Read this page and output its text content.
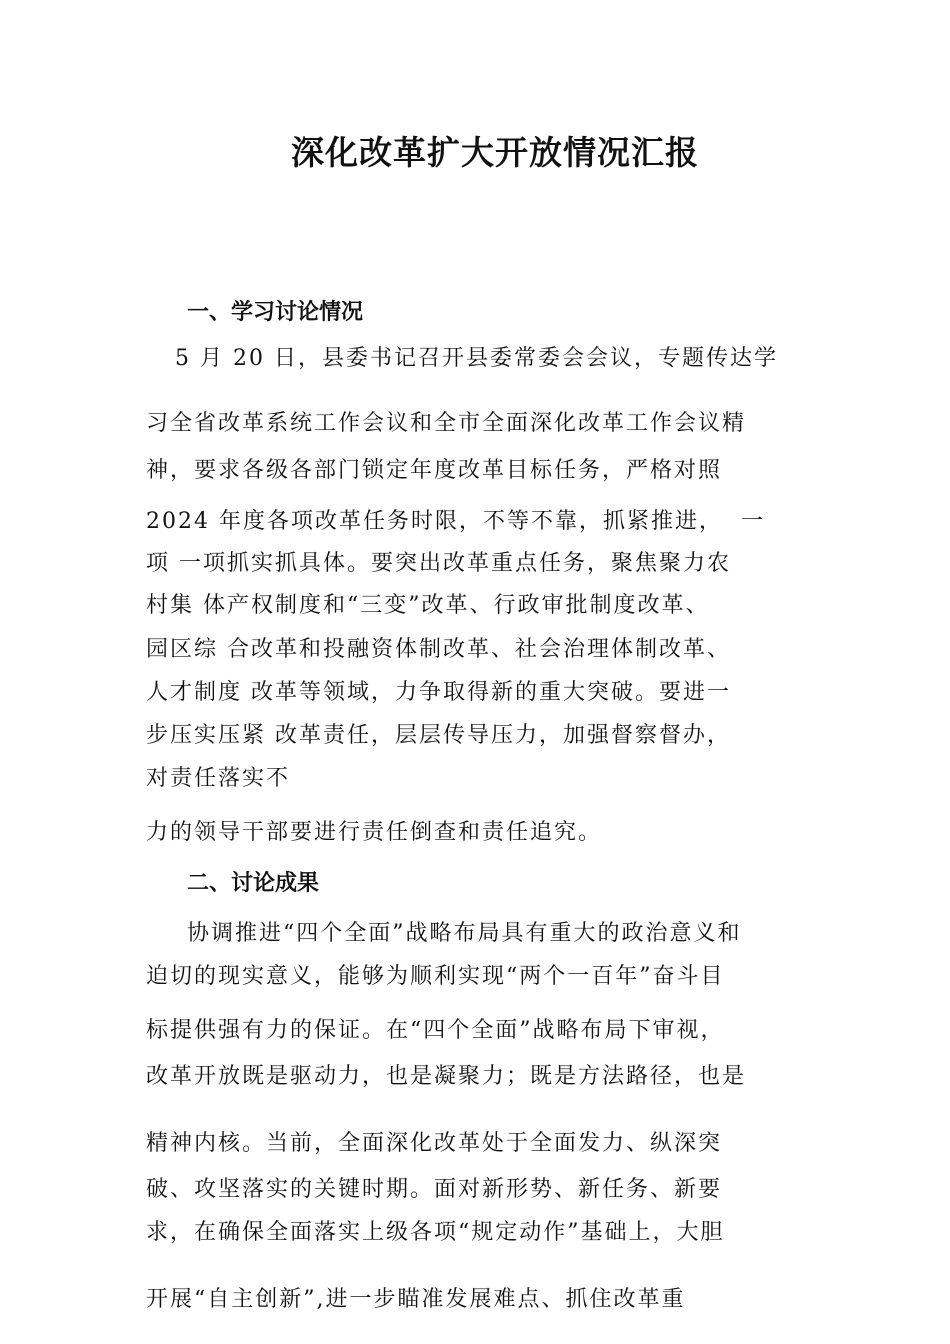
深化改革扩大开放情况汇报
一、学习讨论情况

5 月 20 日，县委书记召开县委常委会会议，专题传达学

习全省改革系统工作会议和全市全面深化改革工作会议精

神，要求各级各部门锁定年度改革目标任务，严格对照

2024 年度各项改革任务时限，不等不靠，抓紧推进，  一

项 一项抓实抓具体。要突出改革重点任务，聚焦聚力农

村集 体产权制度和“三变”改革、行政审批制度改革、

园区综 合改革和投融资体制改革、社会治理体制改革、

人才制度 改革等领域，力争取得新的重大突破。要进一

步压实压紧 改革责任，层层传导压力，加强督察督办，

对责任落实不

力的领导干部要进行责任倒查和责任追究。

二、讨论成果

协调推进“四个全面”战略布局具有重大的政治意义和

迫切的现实意义，能够为顺利实现“两个一百年”奋斗目

标提供强有力的保证。在“四个全面”战略布局下审视，

改革开放既是驱动力，也是凝聚力；既是方法路径，也是

精神内核。当前，全面深化改革处于全面发力、纵深突

破、攻坚落实的关键时期。面对新形势、新任务、新要

求，在确保全面落实上级各项“规定动作”基础上，大胆

开展“自主创新”,进一步瞄准发展难点、抓住改革重
